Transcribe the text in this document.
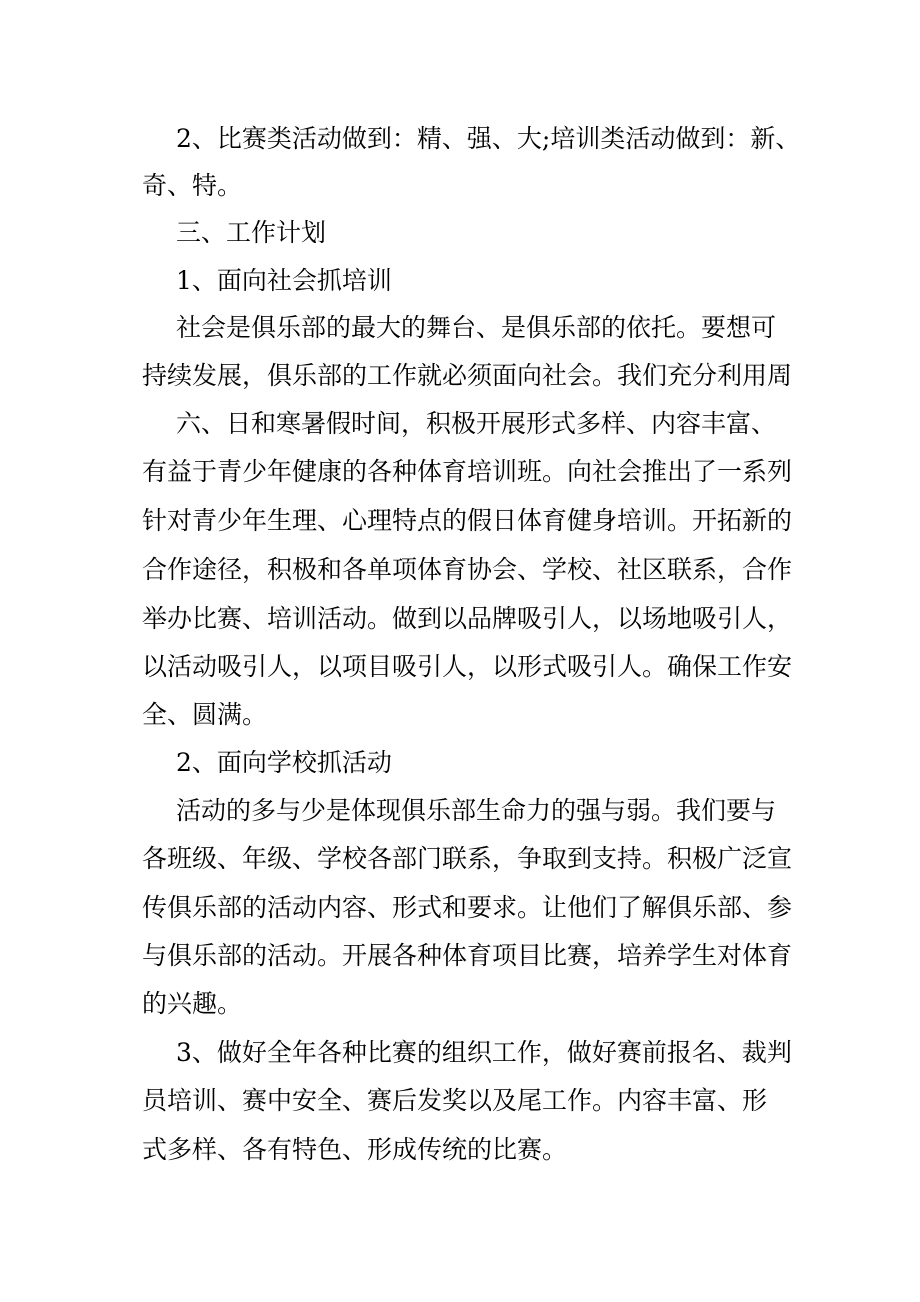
2、比赛类活动做到：精、强、大;培训类活动做到：新、
奇、特。
三、工作计划
1、面向社会抓培训
社会是俱乐部的最大的舞台、是俱乐部的依托。要想可
持续发展，俱乐部的工作就必须面向社会。我们充分利用周
六、日和寒暑假时间，积极开展形式多样、内容丰富、
有益于青少年健康的各种体育培训班。向社会推出了一系列
针对青少年生理、心理特点的假日体育健身培训。开拓新的
合作途径，积极和各单项体育协会、学校、社区联系，合作
举办比赛、培训活动。做到以品牌吸引人，以场地吸引人，
以活动吸引人，以项目吸引人，以形式吸引人。确保工作安
全、圆满。
2、面向学校抓活动
活动的多与少是体现俱乐部生命力的强与弱。我们要与
各班级、年级、学校各部门联系，争取到支持。积极广泛宣
传俱乐部的活动内容、形式和要求。让他们了解俱乐部、参
与俱乐部的活动。开展各种体育项目比赛，培养学生对体育
的兴趣。
3、做好全年各种比赛的组织工作，做好赛前报名、裁判
员培训、赛中安全、赛后发奖以及尾工作。内容丰富、形
式多样、各有特色、形成传统的比赛。
